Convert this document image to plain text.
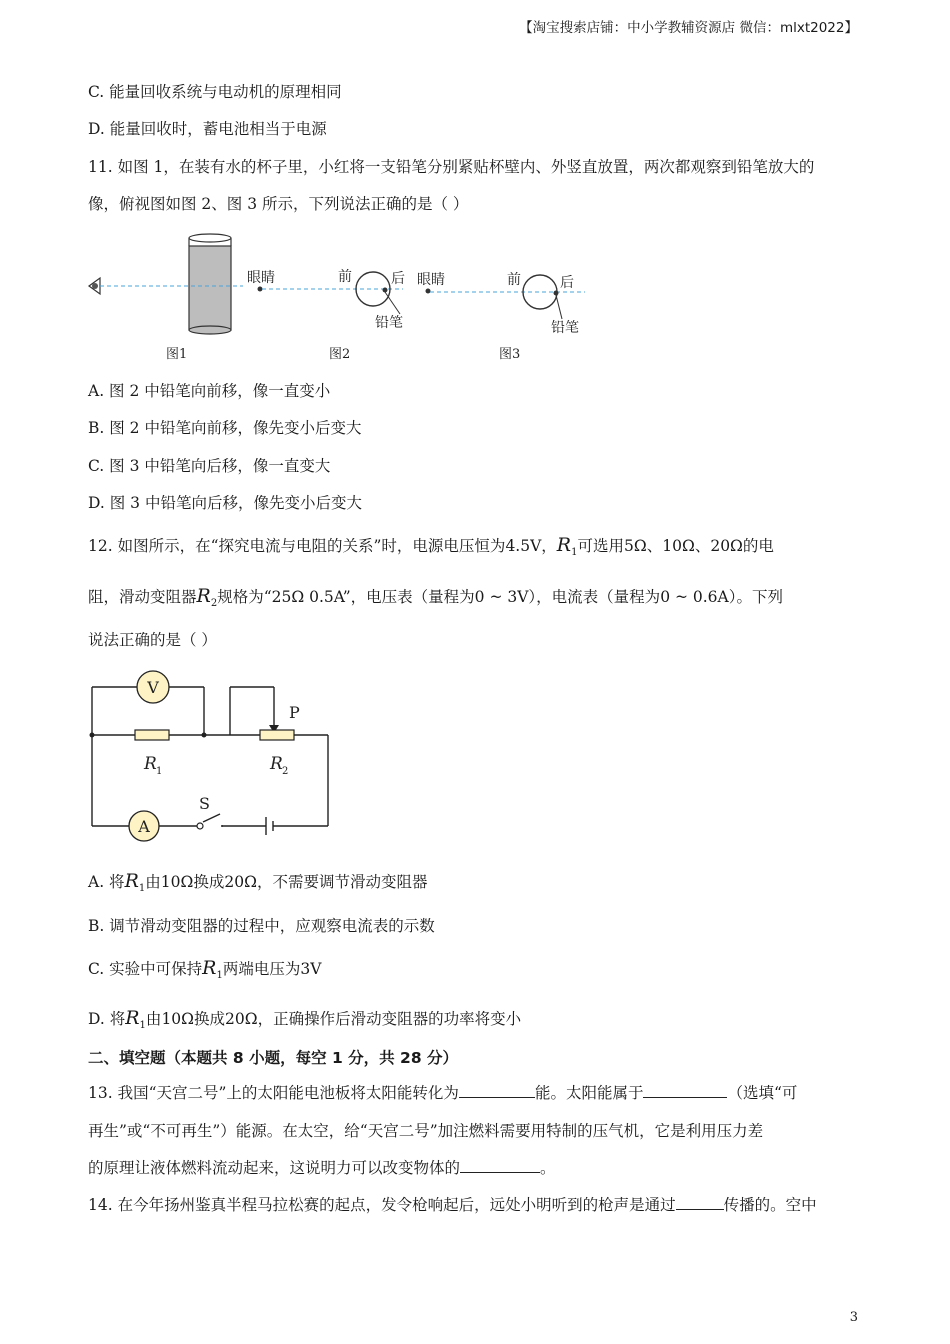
【淘宝搜索店铺：中小学教辅资源店 微信：mlxt2022】
C. 能量回收系统与电动机的原理相同
D. 能量回收时，蓄电池相当于电源
11. 如图 1，在装有水的杯子里，小红将一支铅笔分别紧贴杯壁内、外竖直放置，两次都观察到铅笔放大的
像，俯视图如图 2、图 3 所示，下列说法正确的是（ ）
眼睛	前	后
铅笔
眼睛	前	后
铅笔
图1	图2	图3
A. 图 2 中铅笔向前移，像一直变小
B. 图 2 中铅笔向前移，像先变小后变大
C. 图 3 中铅笔向后移，像一直变大
D. 图 3 中铅笔向后移，像先变小后变大
12. 如图所示，在“探究电流与电阻的关系”时，电源电压恒为4.5V，$R_1$可选用5Ω、10Ω、20Ω的电
阻，滑动变阻器$R_2$规格为“25Ω 0.5A”，电压表（量程为0 ~ 3V），电流表（量程为0 ~ 0.6A）。下列
说法正确的是（ ）
V
A
R 1	R 2
S
P
A. 将$R_1$由10Ω换成20Ω，不需要调节滑动变阻器
B. 调节滑动变阻器的过程中，应观察电流表的示数
C. 实验中可保持$R_1$两端电压为3V
D. 将$R_1$由10Ω换成20Ω，正确操作后滑动变阻器的功率将变小
二、填空题（本题共 8 小题，每空 1 分，共 28 分）
13. 我国“天宫二号”上的太阳能电池板将太阳能转化为	能。太阳能属于	（选填“可
再生”或“不可再生”）能源。在太空，给“天宫二号”加注燃料需要用特制的压气机，它是利用压力差
的原理让液体燃料流动起来，这说明力可以改变物体的	。
14. 在今年扬州鉴真半程马拉松赛的起点，发令枪响起后，远处小明听到的枪声是通过	传播的。空中
3
